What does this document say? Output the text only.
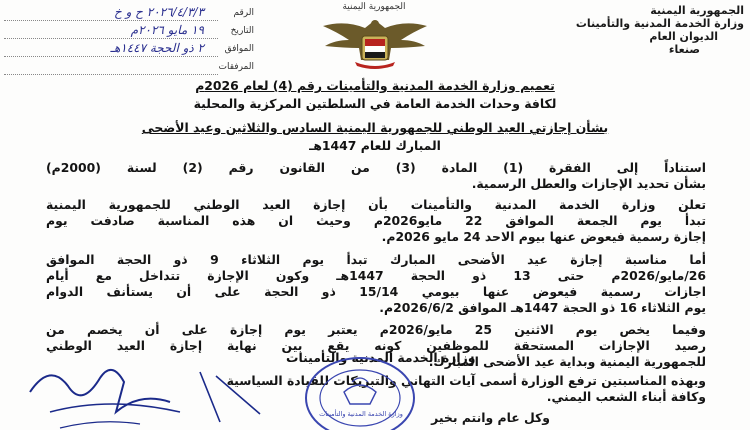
الجمهورية اليمنية
وزارة الخدمة المدنية والتأمينات
الديوان العام
صنعاء
الجمهورية اليمنية
الرقم
٢٠٢٦/٤/٣/٣ ح و خ
التاريخ
١٩ مايو ٢٠٢٦م
الموافق
٢ ذو الحجة ١٤٤٧هـ
المرفقات
تعميم وزارة الخدمة المدنية والتأمينات رقم (4) لعام 2026م
لكافة وحدات الخدمة العامة في السلطتين المركزية والمحلية
بشأن إجازتي العيد الوطني للجمهورية اليمنية السادس والثلاثين وعيد الأضحى
المبارك للعام 1447هـ
استناداً إلى الفقرة (1) المادة (3) من القانون رقم (2) لسنة (2000م)
بشأن تحديد الإجازات والعطل الرسمية.
تعلن وزارة الخدمة المدنية والتأمينات بأن إجازة العيد الوطني للجمهورية اليمنية
تبدأ يوم الجمعة الموافق 22 مايو2026م وحيث ان هذه المناسبة صادفت يوم
إجازة رسمية فيعوض عنها بيوم الاحد 24 مايو 2026م.
أما مناسبة إجازة عيد الأضحى المبارك تبدأ يوم الثلاثاء 9 ذو الحجة الموافق
26/مايو/2026م حتى 13 ذو الحجة 1447هـ وكون الإجازة تتداخل مع أيام
اجازات رسمية فيعوض عنها بيومي 15/14 ذو الحجة على أن يستأنف الدوام
يوم الثلاثاء 16 ذو الحجة 1447هـ الموافق 2026/6/2م.
وفيما يخص يوم الاثنين 25 مايو/2026م يعتبر يوم إجازة على أن يخصم من
رصيد الإجازات المستحقة للموظفين كونه يقع بين نهاية إجازة العيد الوطني
للجمهورية اليمنية وبداية عيد الأضحى المبارك.
وبهذه المناسبتين ترفع الوزارة أسمى آيات التهاني والتبريكات للقيادة السياسية
وكافة أبناء الشعب اليمني.
وكل عام وانتم بخير
وزارة الخدمة المدنية والتأمينات
وزارة الخدمة المدنية والتأمينات
